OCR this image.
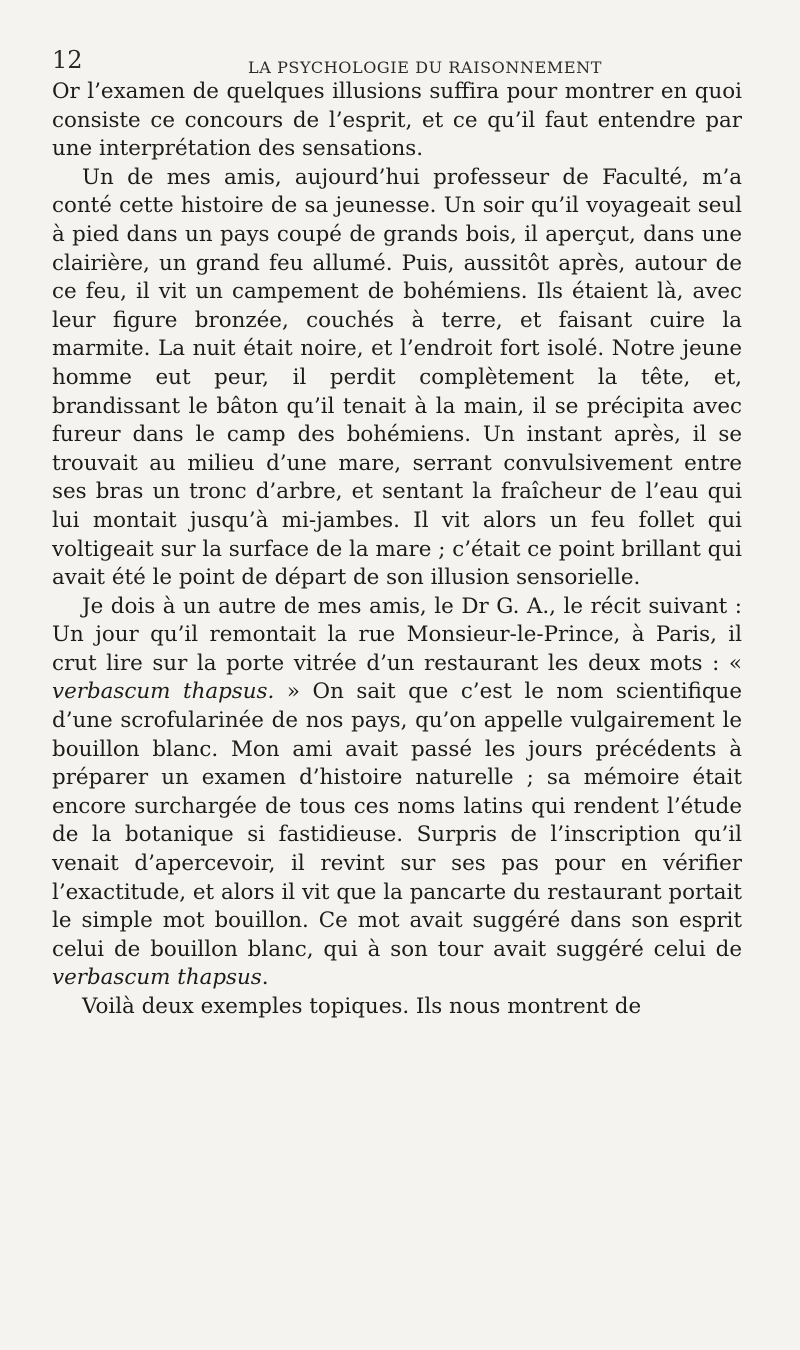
12	LA PSYCHOLOGIE DU RAISONNEMENT

Or l’examen de quelques illusions suffira pour montrer en quoi consiste ce concours de l’esprit, et ce qu’il faut entendre par une interprétation des sensations.

Un de mes amis, aujourd’hui professeur de Faculté, m’a conté cette histoire de sa jeunesse. Un soir qu’il voyageait seul à pied dans un pays coupé de grands bois, il aperçut, dans une clairière, un grand feu allumé. Puis, aussitôt après, autour de ce feu, il vit un campement de bohémiens. Ils étaient là, avec leur figure bronzée, couchés à terre, et faisant cuire la marmite. La nuit était noire, et l’endroit fort isolé. Notre jeune homme eut peur, il perdit complètement la tête, et, brandissant le bâton qu’il tenait à la main, il se précipita avec fureur dans le camp des bohémiens. Un instant après, il se trouvait au milieu d’une mare, serrant convulsivement entre ses bras un tronc d’arbre, et sentant la fraîcheur de l’eau qui lui montait jusqu’à mi-jambes. Il vit alors un feu follet qui voltigeait sur la surface de la mare ; c’était ce point brillant qui avait été le point de départ de son illusion sensorielle.

Je dois à un autre de mes amis, le Dr G. A., le récit suivant : Un jour qu’il remontait la rue Monsieur-le-Prince, à Paris, il crut lire sur la porte vitrée d’un restaurant les deux mots : « verbascum thapsus. » On sait que c’est le nom scientifique d’une scrofularinée de nos pays, qu’on appelle vulgairement le bouillon blanc. Mon ami avait passé les jours précédents à préparer un examen d’histoire naturelle ; sa mémoire était encore surchargée de tous ces noms latins qui rendent l’étude de la botanique si fastidieuse. Surpris de l’inscription qu’il venait d’apercevoir, il revint sur ses pas pour en vérifier l’exactitude, et alors il vit que la pancarte du restaurant portait le simple mot bouillon. Ce mot avait suggéré dans son esprit celui de bouillon blanc, qui à son tour avait suggéré celui de verbascum thapsus.

Voilà deux exemples topiques. Ils nous montrent de
